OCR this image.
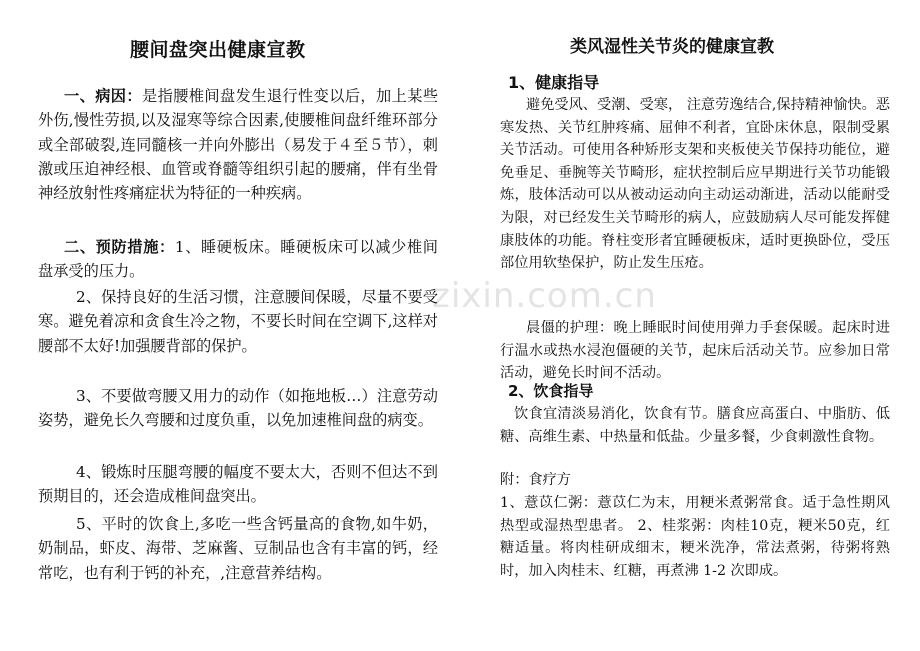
zixin.com.cn
腰间盘突出健康宣教

一、病因：是指腰椎间盘发生退行性变以后，加上某些外伤,慢性劳损,以及湿寒等综合因素,使腰椎间盘纤维环部分或全部破裂,连同髓核一并向外膨出（易发于４至５节），刺激或压迫神经根、血管或脊髓等组织引起的腰痛，伴有坐骨神经放射性疼痛症状为特征的一种疾病。

二、预防措施：1、睡硬板床。睡硬板床可以减少椎间盘承受的压力。

2、保持良好的生活习惯，注意腰间保暖，尽量不要受寒。避免着凉和贪食生冷之物，不要长时间在空调下,这样对腰部不太好!加强腰背部的保护。

3、不要做弯腰又用力的动作（如拖地板…）注意劳动姿势，避免长久弯腰和过度负重，以免加速椎间盘的病变。

4、锻炼时压腿弯腰的幅度不要太大，否则不但达不到预期目的，还会造成椎间盘突出。

5、平时的饮食上,多吃一些含钙量高的食物,如牛奶，奶制品，虾皮、海带、芝麻酱、豆制品也含有丰富的钙，经常吃，也有利于钙的补充，,注意营养结构。

类风湿性关节炎的健康宣教
1、健康指导

避免受风、受潮、受寒， 注意劳逸结合,保持精神愉快。恶寒发热、关节红肿疼痛、屈伸不利者，宜卧床休息，限制受累关节活动。可使用各种矫形支架和夹板使关节保持功能位，避免垂足、垂腕等关节畸形，症状控制后应早期进行关节功能锻炼，肢体活动可以从被动运动向主动运动渐进，活动以能耐受为限，对已经发生关节畸形的病人，应鼓励病人尽可能发挥健康肢体的功能。脊柱变形者宜睡硬板床，适时更换卧位，受压部位用软垫保护，防止发生压疮。

晨僵的护理：晚上睡眠时间使用弹力手套保暖。起床时进行温水或热水浸泡僵硬的关节，起床后活动关节。应参加日常活动，避免长时间不活动。

2、饮食指导

饮食宜清淡易消化，饮食有节。膳食应高蛋白、中脂肪、低糖、高维生素、中热量和低盐。少量多餐，少食刺激性食物。

附：食疗方

1、薏苡仁粥：薏苡仁为末，用粳米煮粥常食。适于急性期风热型或湿热型患者。 2、桂浆粥：肉桂10克，粳米50克，红糖适量。将肉桂研成细末，粳米洗净，常法煮粥，待粥将熟时，加入肉桂末、红糖，再煮沸 1-2 次即成。
